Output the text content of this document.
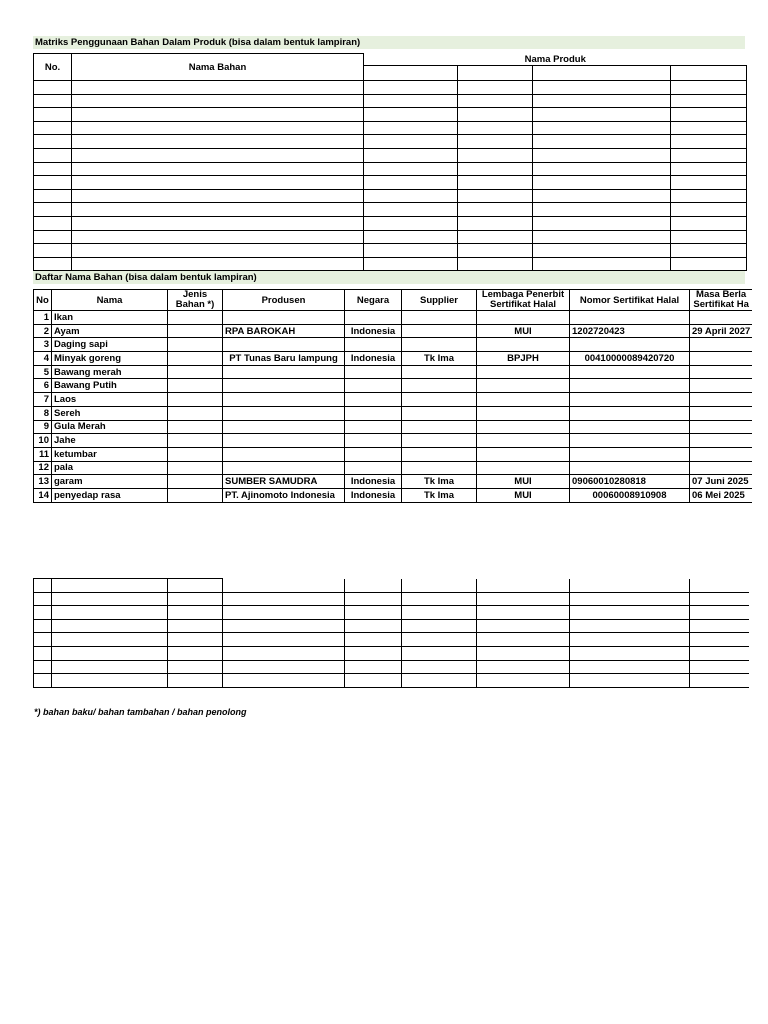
Matriks Penggunaan Bahan Dalam Produk (bisa dalam bentuk lampiran)
No.	Nama Bahan	Nama Produk			

Daftar Nama Bahan (bisa dalam bentuk lampiran)
No	Nama	Jenis Bahan *)	Produsen	Negara	Supplier	Lembaga Penerbit Sertifikat Halal	Nomor Sertifikat Halal	Masa Berla Sertifikat Ha
1	Ikan							
2	Ayam		RPA BAROKAH	Indonesia		MUI	1202720423	29 April 2027
3	Daging sapi							
4	Minyak goreng		PT Tunas Baru lampung	Indonesia	Tk Ima	BPJPH	00410000089420720	
5	Bawang merah							
6	Bawang Putih							
7	Laos							
8	Sereh							
9	Gula Merah							
10	Jahe							
11	ketumbar							
12	pala							
13	garam		SUMBER SAMUDRA	Indonesia	Tk Ima	MUI	09060010280818	07 Juni 2025
14	penyedap rasa		PT. Ajinomoto Indonesia	Indonesia	Tk Ima	MUI	00060008910908	06 Mei 2025

*) bahan baku/ bahan tambahan / bahan penolong
